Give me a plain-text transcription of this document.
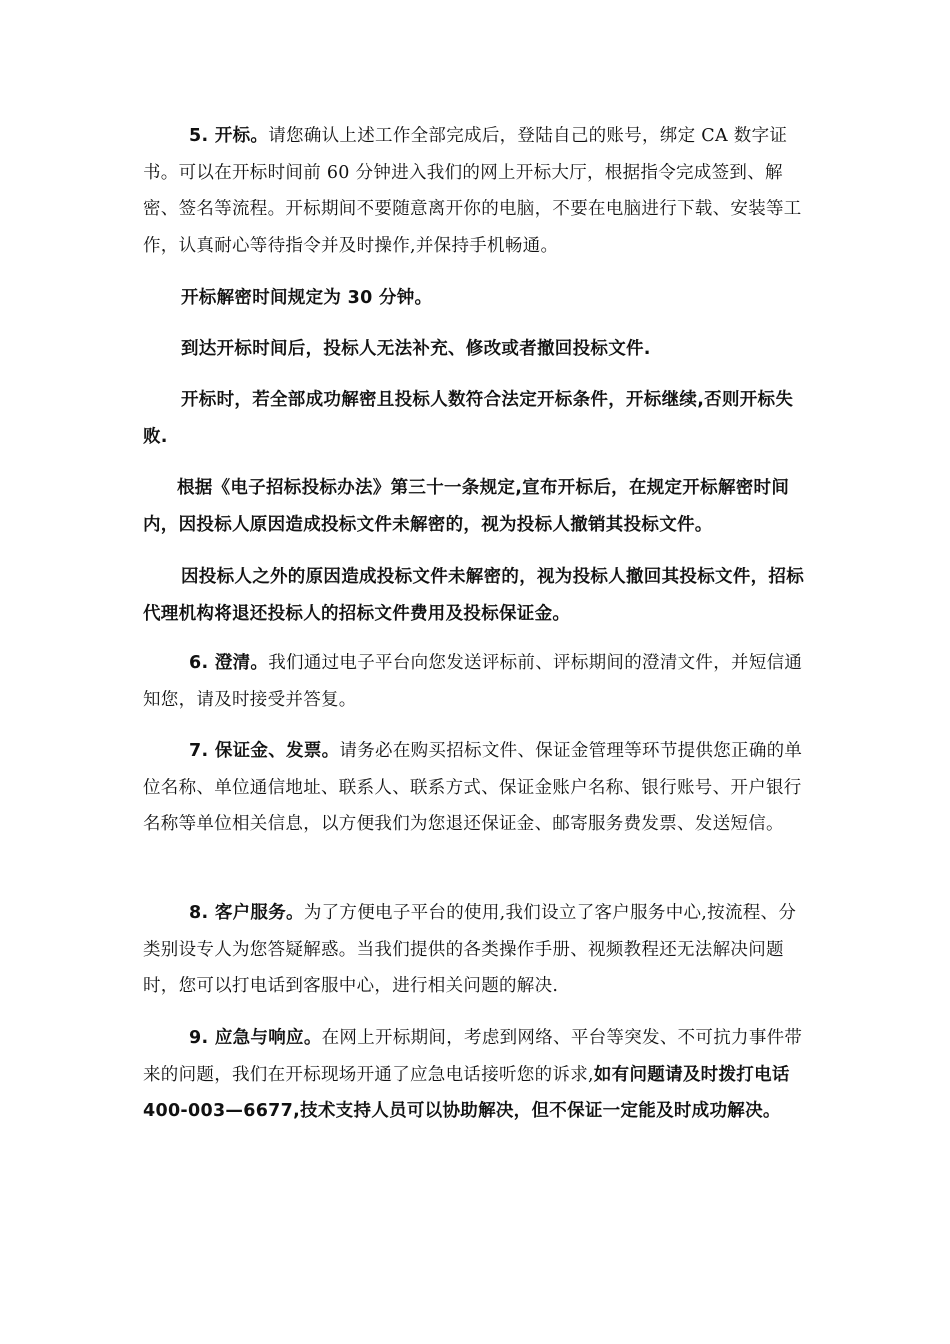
5. 开标。请您确认上述工作全部完成后，登陆自己的账号，绑定 CA 数字证书。可以在开标时间前 60 分钟进入我们的网上开标大厅，根据指令完成签到、解密、签名等流程。开标期间不要随意离开你的电脑，不要在电脑进行下载、安装等工作，认真耐心等待指令并及时操作,并保持手机畅通。

开标解密时间规定为 30 分钟。

到达开标时间后，投标人无法补充、修改或者撤回投标文件.

开标时，若全部成功解密且投标人数符合法定开标条件，开标继续,否则开标失败.

根据《电子招标投标办法》第三十一条规定,宣布开标后，在规定开标解密时间内，因投标人原因造成投标文件未解密的，视为投标人撤销其投标文件。

因投标人之外的原因造成投标文件未解密的，视为投标人撤回其投标文件，招标代理机构将退还投标人的招标文件费用及投标保证金。

6. 澄清。我们通过电子平台向您发送评标前、评标期间的澄清文件，并短信通知您，请及时接受并答复。

7. 保证金、发票。请务必在购买招标文件、保证金管理等环节提供您正确的单位名称、单位通信地址、联系人、联系方式、保证金账户名称、银行账号、开户银行名称等单位相关信息，以方便我们为您退还保证金、邮寄服务费发票、发送短信。

8. 客户服务。为了方便电子平台的使用,我们设立了客户服务中心,按流程、分类别设专人为您答疑解惑。当我们提供的各类操作手册、视频教程还无法解决问题时，您可以打电话到客服中心，进行相关问题的解决.

9. 应急与响应。在网上开标期间，考虑到网络、平台等突发、不可抗力事件带来的问题，我们在开标现场开通了应急电话接听您的诉求,如有问题请及时拨打电话 400-003—6677,技术支持人员可以协助解决，但不保证一定能及时成功解决。
